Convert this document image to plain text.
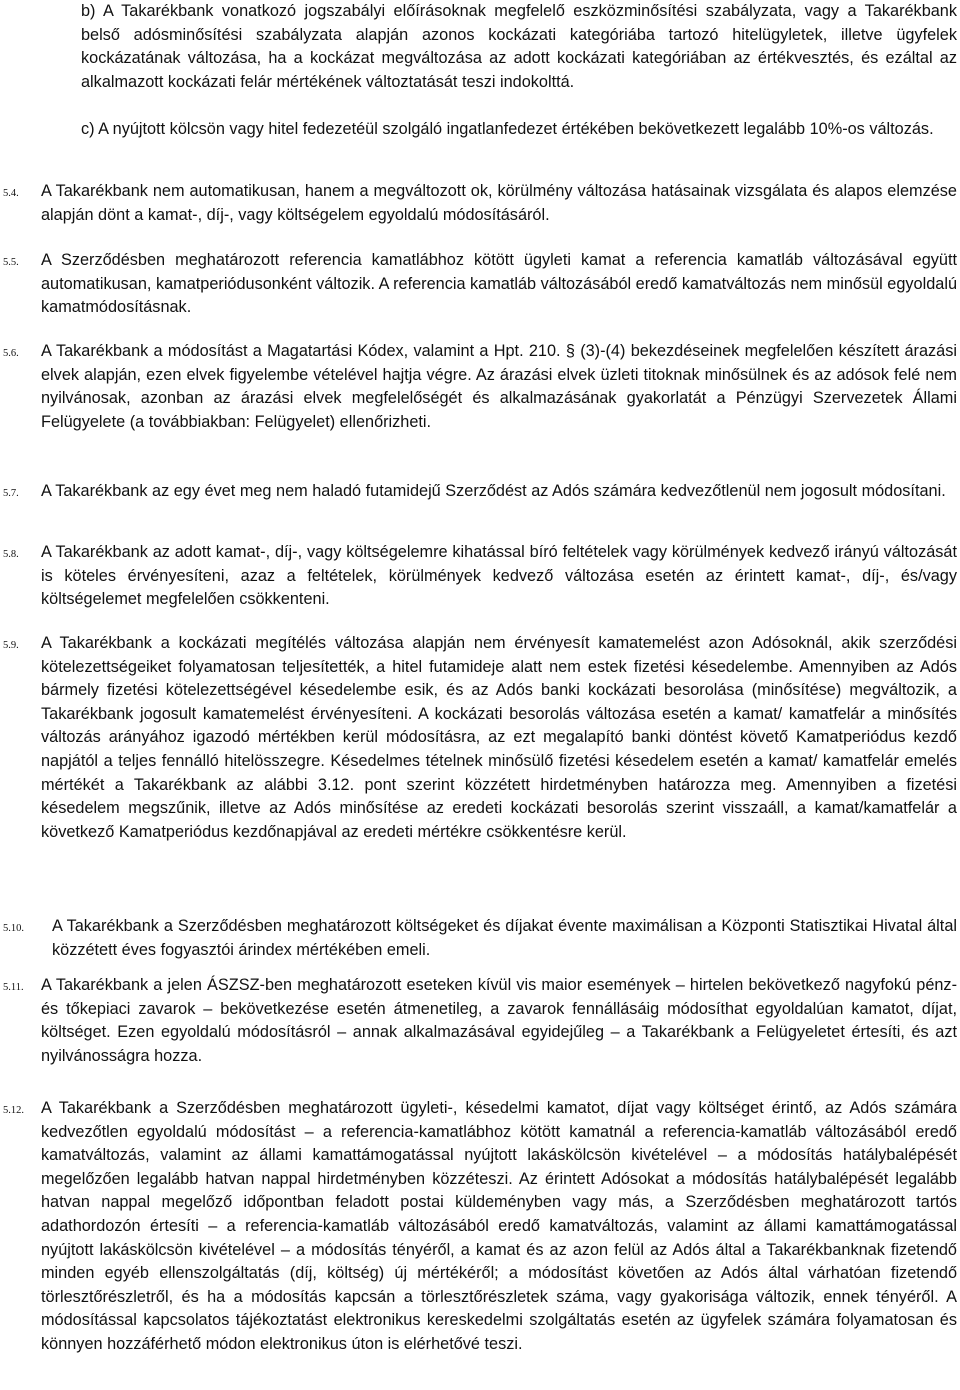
b) A Takarékbank vonatkozó jogszabályi előírásoknak megfelelő eszközminősítési szabályzata, vagy a Takarékbank belső adósminősítési szabályzata alapján azonos kockázati kategóriába tartozó hitelügyletek, illetve ügyfelek kockázatának változása, ha a kockázat megváltozása az adott kockázati kategóriában az értékvesztés, és ezáltal az alkalmazott kockázati felár mértékének változtatását teszi indokolttá.

c) A nyújtott kölcsön vagy hitel fedezetéül szolgáló ingatlanfedezet értékében bekövetkezett legalább 10%-os változás.

5.4. A Takarékbank nem automatikusan, hanem a megváltozott ok, körülmény változása hatásainak vizsgálata és alapos elemzése alapján dönt a kamat-, díj-, vagy költségelem egyoldalú módosításáról.

5.5. A Szerződésben meghatározott referencia kamatlábhoz kötött ügyleti kamat a referencia kamatláb változásával együtt automatikusan, kamatperiódusonként változik. A referencia kamatláb változásából eredő kamatváltozás nem minősül egyoldalú kamatmódosításnak.

5.6. A Takarékbank a módosítást a Magatartási Kódex, valamint a Hpt. 210. § (3)-(4) bekezdéseinek megfelelően készített árazási elvek alapján, ezen elvek figyelembe vételével hajtja végre. Az árazási elvek üzleti titoknak minősülnek és az adósok felé nem nyilvánosak, azonban az árazási elvek megfelelőségét és alkalmazásának gyakorlatát a Pénzügyi Szervezetek Állami Felügyelete (a továbbiakban: Felügyelet) ellenőrizheti.

5.7. A Takarékbank az egy évet meg nem haladó futamidejű Szerződést az Adós számára kedvezőtlenül nem jogosult módosítani.

5.8. A Takarékbank az adott kamat-, díj-, vagy költségelemre kihatással bíró feltételek vagy körülmények kedvező irányú változását is köteles érvényesíteni, azaz a feltételek, körülmények kedvező változása esetén az érintett kamat-, díj-, és/vagy költségelemet megfelelően csökkenteni.

5.9. A Takarékbank a kockázati megítélés változása alapján nem érvényesít kamatemelést azon Adósoknál, akik szerződési kötelezettségeiket folyamatosan teljesítették, a hitel futamideje alatt nem estek fizetési késedelembe. Amennyiben az Adós bármely fizetési kötelezettségével késedelembe esik, és az Adós banki kockázati besorolása (minősítése) megváltozik, a Takarékbank jogosult kamatemelést érvényesíteni. A kockázati besorolás változása esetén a kamat/ kamatfelár a minősítés változás arányához igazodó mértékben kerül módosításra, az ezt megalapító banki döntést követő Kamatperiódus kezdő napjától a teljes fennálló hitelösszegre. Késedelmes tételnek minősülő fizetési késedelem esetén a kamat/ kamatfelár emelés mértékét a Takarékbank az alábbi 3.12. pont szerint közzétett hirdetményben határozza meg. Amennyiben a fizetési késedelem megszűnik, illetve az Adós minősítése az eredeti kockázati besorolás szerint visszaáll, a kamat/kamatfelár a következő Kamatperiódus kezdőnapjával az eredeti mértékre csökkentésre kerül.

5.10. A Takarékbank a Szerződésben meghatározott költségeket és díjakat évente maximálisan a Központi Statisztikai Hivatal által közzétett éves fogyasztói árindex mértékében emeli.

5.11. A Takarékbank a jelen ÁSZSZ-ben meghatározott eseteken kívül vis maior események – hirtelen bekövetkező nagyfokú pénz- és tőkepiaci zavarok – bekövetkezése esetén átmenetileg, a zavarok fennállásáig módosíthat egyoldalúan kamatot, díjat, költséget. Ezen egyoldalú módosításról – annak alkalmazásával egyidejűleg – a Takarékbank a Felügyeletet értesíti, és azt nyilvánosságra hozza.

5.12. A Takarékbank a Szerződésben meghatározott ügyleti-, késedelmi kamatot, díjat vagy költséget érintő, az Adós számára kedvezőtlen egyoldalú módosítást – a referencia-kamatlábhoz kötött kamatnál a referencia-kamatláb változásából eredő kamatváltozás, valamint az állami kamattámogatással nyújtott lakáskölcsön kivételével – a módosítás hatálybalépését megelőzően legalább hatvan nappal hirdetményben közzéteszi. Az érintett Adósokat a módosítás hatálybalépését legalább hatvan nappal megelőző időpontban feladott postai küldeményben vagy más, a Szerződésben meghatározott tartós adathordozón értesíti – a referencia-kamatláb változásából eredő kamatváltozás, valamint az állami kamattámogatással nyújtott lakáskölcsön kivételével – a módosítás tényéről, a kamat és az azon felül az Adós által a Takarékbanknak fizetendő minden egyéb ellenszolgáltatás (díj, költség) új mértékéről; a módosítást követően az Adós által várhatóan fizetendő törlesztőrészletről, és ha a módosítás kapcsán a törlesztőrészletek száma, vagy gyakorisága változik, ennek tényéről. A módosítással kapcsolatos tájékoztatást elektronikus kereskedelmi szolgáltatás esetén az ügyfelek számára folyamatosan és könnyen hozzáférhető módon elektronikus úton is elérhetővé teszi.
